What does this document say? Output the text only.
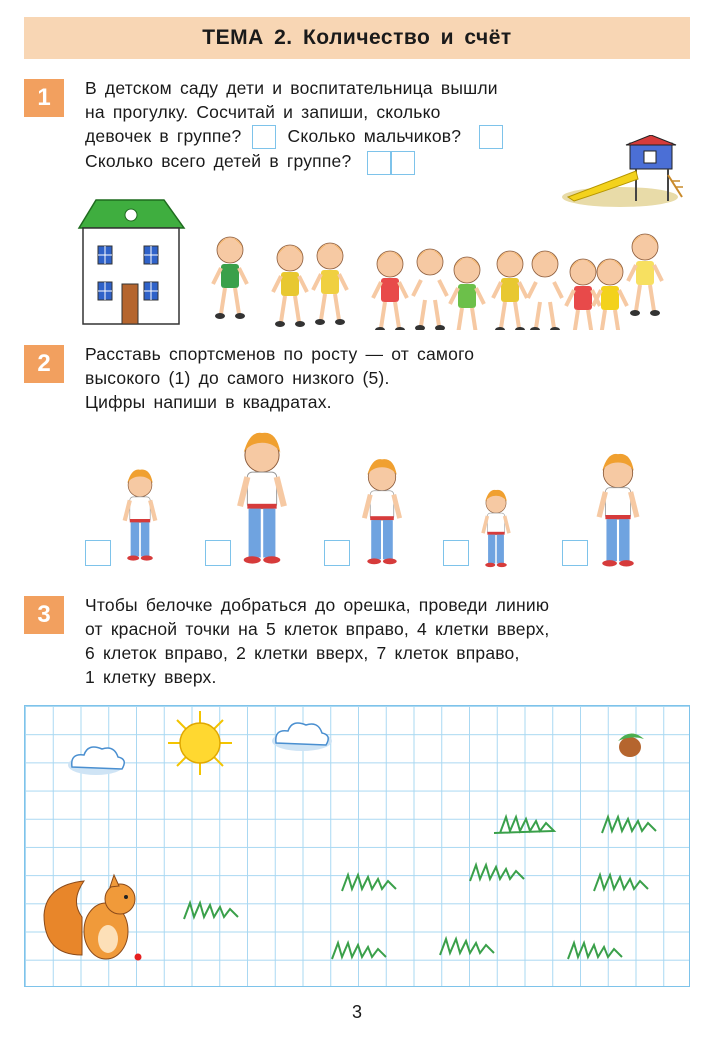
ТЕМА 2. Количество и счёт
1	В детском саду дети и воспитательница вышли
на прогулку. Сосчитай и запиши, сколько
девочек в группе?	Сколько мальчиков?
Сколько всего детей в группе?
2	Расставь спортсменов по росту — от самого
высокого (1) до самого низкого (5).
Цифры напиши в квадратах.
3	Чтобы белочке добраться до орешка, проведи линию
от красной точки на 5 клеток вправо, 4 клетки вверх,
6 клеток вправо, 2 клетки вверх, 7 клеток вправо,
1 клетку вверх.
3
